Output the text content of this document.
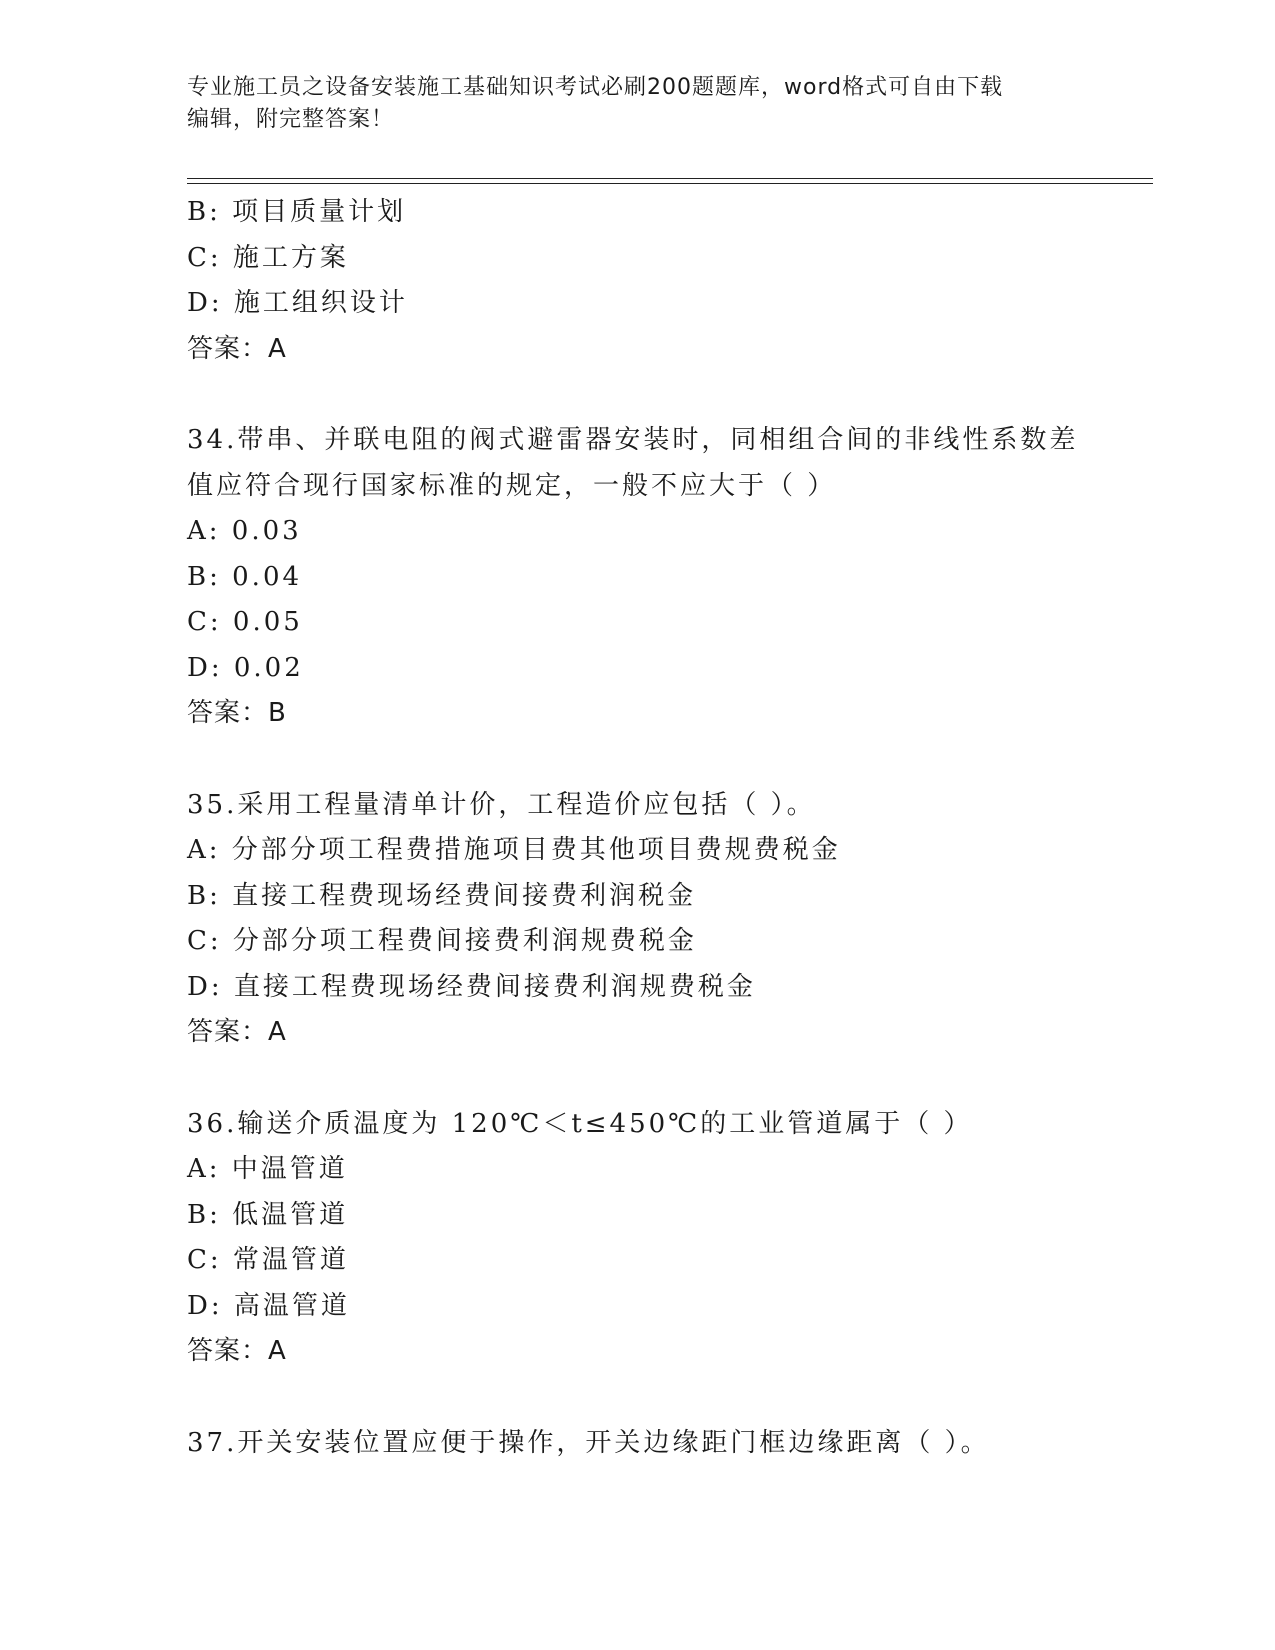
专业施工员之设备安装施工基础知识考试必刷200题题库，word格式可自由下载
编辑，附完整答案！
B: 项目质量计划
C: 施工方案
D: 施工组织设计
答案：A
34.带串、并联电阻的阀式避雷器安装时，同相组合间的非线性系数差
值应符合现行国家标准的规定，一般不应大于（ ）
A: 0.03
B: 0.04
C: 0.05
D: 0.02
答案：B
35.采用工程量清单计价，工程造价应包括（ ）。
A: 分部分项工程费措施项目费其他项目费规费税金
B: 直接工程费现场经费间接费利润税金
C: 分部分项工程费间接费利润规费税金
D: 直接工程费现场经费间接费利润规费税金
答案：A
36.输送介质温度为 120℃＜t≤450℃的工业管道属于（ ）
A: 中温管道
B: 低温管道
C: 常温管道
D: 高温管道
答案：A
37.开关安装位置应便于操作，开关边缘距门框边缘距离（ ）。
